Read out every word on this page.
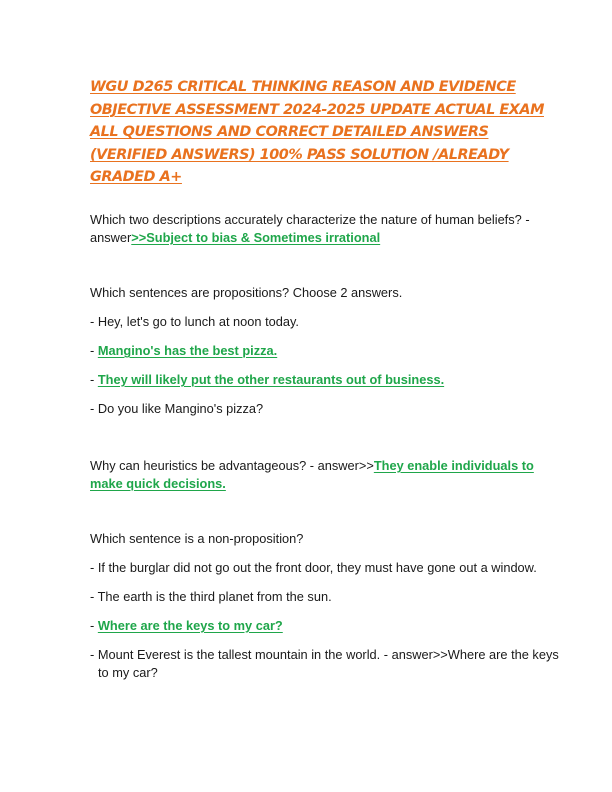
WGU D265 CRITICAL THINKING REASON AND EVIDENCE OBJECTIVE ASSESSMENT 2024-2025 UPDATE ACTUAL EXAM ALL QUESTIONS AND CORRECT DETAILED ANSWERS (VERIFIED ANSWERS) 100% PASS SOLUTION /ALREADY GRADED A+

Which two descriptions accurately characterize the nature of human beliefs? - answer>>Subject to bias & Sometimes irrational

Which sentences are propositions? Choose 2 answers.

- Hey, let's go to lunch at noon today.

- Mangino's has the best pizza.

- They will likely put the other restaurants out of business.

- Do you like Mangino's pizza?

Why can heuristics be advantageous? - answer>>They enable individuals to make quick decisions.

Which sentence is a non-proposition?

- If the burglar did not go out the front door, they must have gone out a window.

- The earth is the third planet from the sun.

- Where are the keys to my car?

- Mount Everest is the tallest mountain in the world. - answer>>Where are the keys to my car?
